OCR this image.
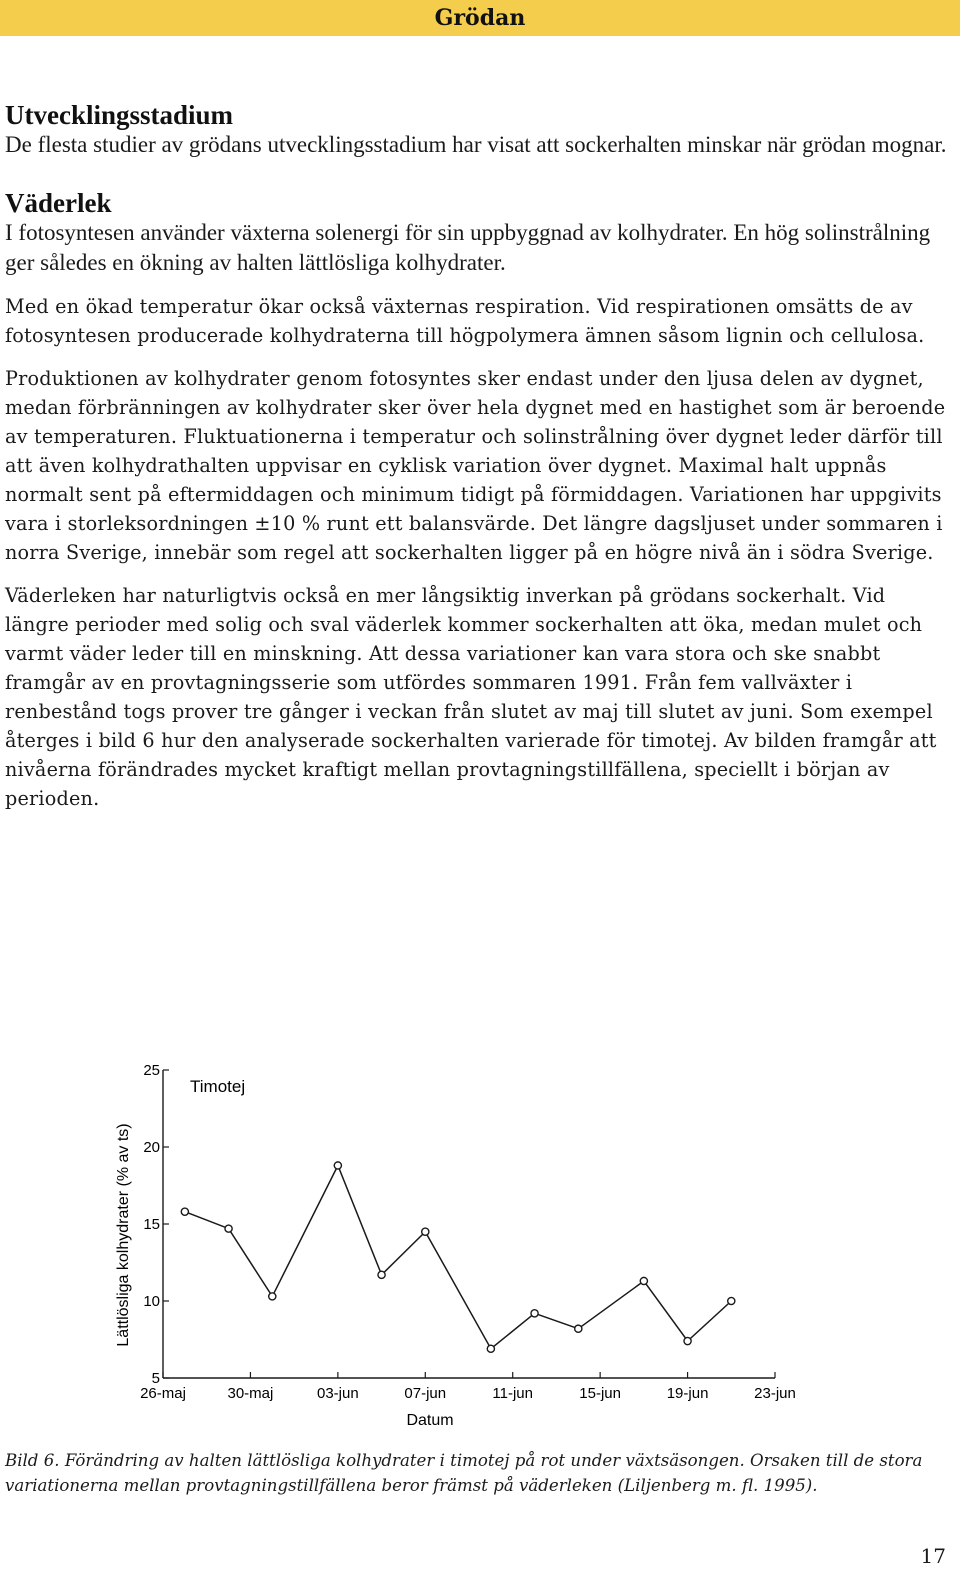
Grödan
Utvecklingsstadium

De flesta studier av grödans utvecklingsstadium har visat att sockerhalten minskar när grödan mognar.

Väderlek

I fotosyntesen använder växterna solenergi för sin uppbyggnad av kolhydrater. En hög solinstrålning ger således en ökning av halten lättlösliga kolhydrater.

Med en ökad temperatur ökar också växternas respiration. Vid respirationen omsätts de av fotosyntesen producerade kolhydraterna till högpolymera ämnen såsom lignin och cellulosa.

Produktionen av kolhydrater genom fotosyntes sker endast under den ljusa delen av dygnet, medan förbränningen av kolhydrater sker över hela dygnet med en hastighet som är beroende av temperaturen. Fluktuationerna i temperatur och solinstrålning över dygnet leder därför till att även kolhydrathalten uppvisar en cyklisk variation över dygnet. Maximal halt uppnås normalt sent på eftermiddagen och minimum tidigt på förmiddagen. Variationen har uppgivits vara i storleksordningen ±10 % runt ett balansvärde. Det längre dagsljuset under sommaren i norra Sverige, innebär som regel att sockerhalten ligger på en högre nivå än i södra Sverige.

Väderleken har naturligtvis också en mer långsiktig inverkan på grödans sockerhalt. Vid längre perioder med solig och sval väderlek kommer sockerhalten att öka, medan mulet och varmt väder leder till en minskning. Att dessa variationer kan vara stora och ske snabbt framgår av en provtagningsserie som utfördes sommaren 1991. Från fem vallväxter i renbestånd togs prover tre gånger i veckan från slutet av maj till slutet av juni. Som exempel återges i bild 6 hur den analyserade sockerhalten varierade för timotej. Av bilden framgår att nivåerna förändrades mycket kraftigt mellan provtagningstillfällena, speciellt i början av perioden.

5
10
15
20
25
26-maj	30-maj	03-jun	07-jun	11-jun	15-jun	19-jun	23-jun
Timotej
Datum
Lättlösliga kolhydrater (% av ts)
Bild 6. Förändring av halten lättlösliga kolhydrater i timotej på rot under växtsäsongen. Orsaken till de stora variationerna mellan provtagningstillfällena beror främst på väderleken (Liljenberg m. fl. 1995).
17
